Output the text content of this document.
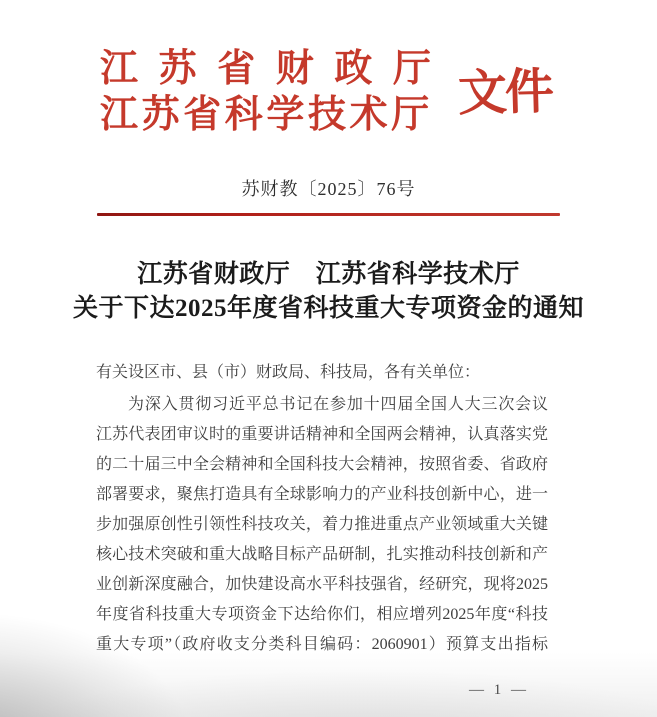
江苏省财政厅
江苏省科学技术厅 文件
苏财教〔2025〕76号
江苏省财政厅　江苏省科学技术厅
关于下达2025年度省科技重大专项资金的通知
有关设区市、县（市）财政局、科技局，各有关单位：
为深入贯彻习近平总书记在参加十四届全国人大三次会议
江苏代表团审议时的重要讲话精神和全国两会精神，认真落实党
的二十届三中全会精神和全国科技大会精神，按照省委、省政府
部署要求，聚焦打造具有全球影响力的产业科技创新中心，进一
步加强原创性引领性科技攻关，着力推进重点产业领域重大关键
核心技术突破和重大战略目标产品研制，扎实推动科技创新和产
业创新深度融合，加快建设高水平科技强省，经研究，现将2025
年度省科技重大专项资金下达给你们，相应增列2025年度“科技
重大专项”（政府收支分类科目编码：2060901）预算支出指标
— 1 —
